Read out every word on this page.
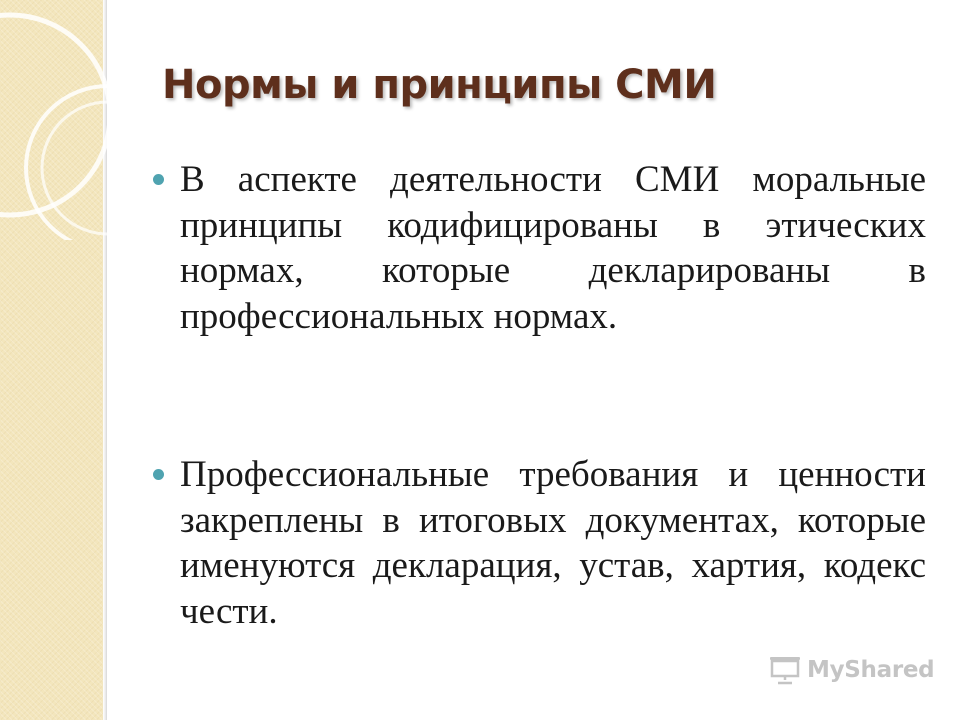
Нормы и принципы СМИ
В аспекте деятельности СМИ моральные принципы кодифицированы в этических нормах, которые декларированы в профессиональных нормах.
Профессиональные требования и ценности закреплены в итоговых документах, которые именуются декларация, устав, хартия, кодекс чести.
MyShared
